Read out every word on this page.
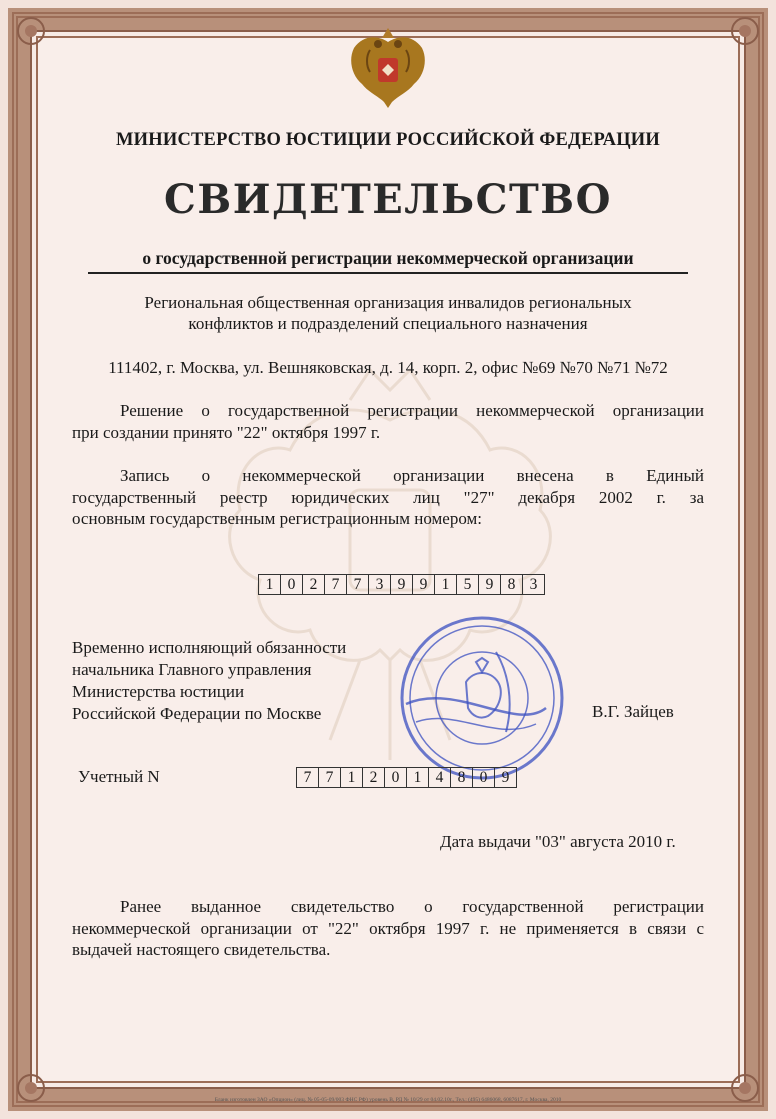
МИНИСТЕРСТВО ЮСТИЦИИ РОССИЙСКОЙ ФЕДЕРАЦИИ
СВИДЕТЕЛЬСТВО
о государственной регистрации некоммерческой организации
Региональная общественная организация инвалидов региональных
конфликтов и подразделений специального назначения
111402, г. Москва, ул. Вешняковская, д. 14, корп. 2, офис №69 №70 №71 №72
Решение о государственной регистрации некоммерческой организации
при создании принято "22" октября 1997 г.
Запись о некоммерческой организации внесена в Единый
государственный реестр юридических лиц "27" декабря 2002 г. за
основным государственным регистрационным номером:
1 0 2 7 7 3 9 9 1 5 9 8 3
Временно исполняющий обязанности
начальника Главного управления
Министерства юстиции
Российской Федерации по Москве	В.Г. Зайцев
Учетный N	7 7 1 2 0 1 4 8 0 9
Дата выдачи "03" августа 2010 г.
Ранее выданное свидетельство о государственной регистрации
некоммерческой организации от "22" октября 1997 г. не применяется в связи с
выдачей настоящего свидетельства.
Бланк изготовлен ЗАО «Опцион» (лиц. № 05-05-09/003 ФНС РФ) уровень В, РД № 10/29 от 04.02.10г., Тел.: (495) 6486068, 6087617, г. Москва, 2010
